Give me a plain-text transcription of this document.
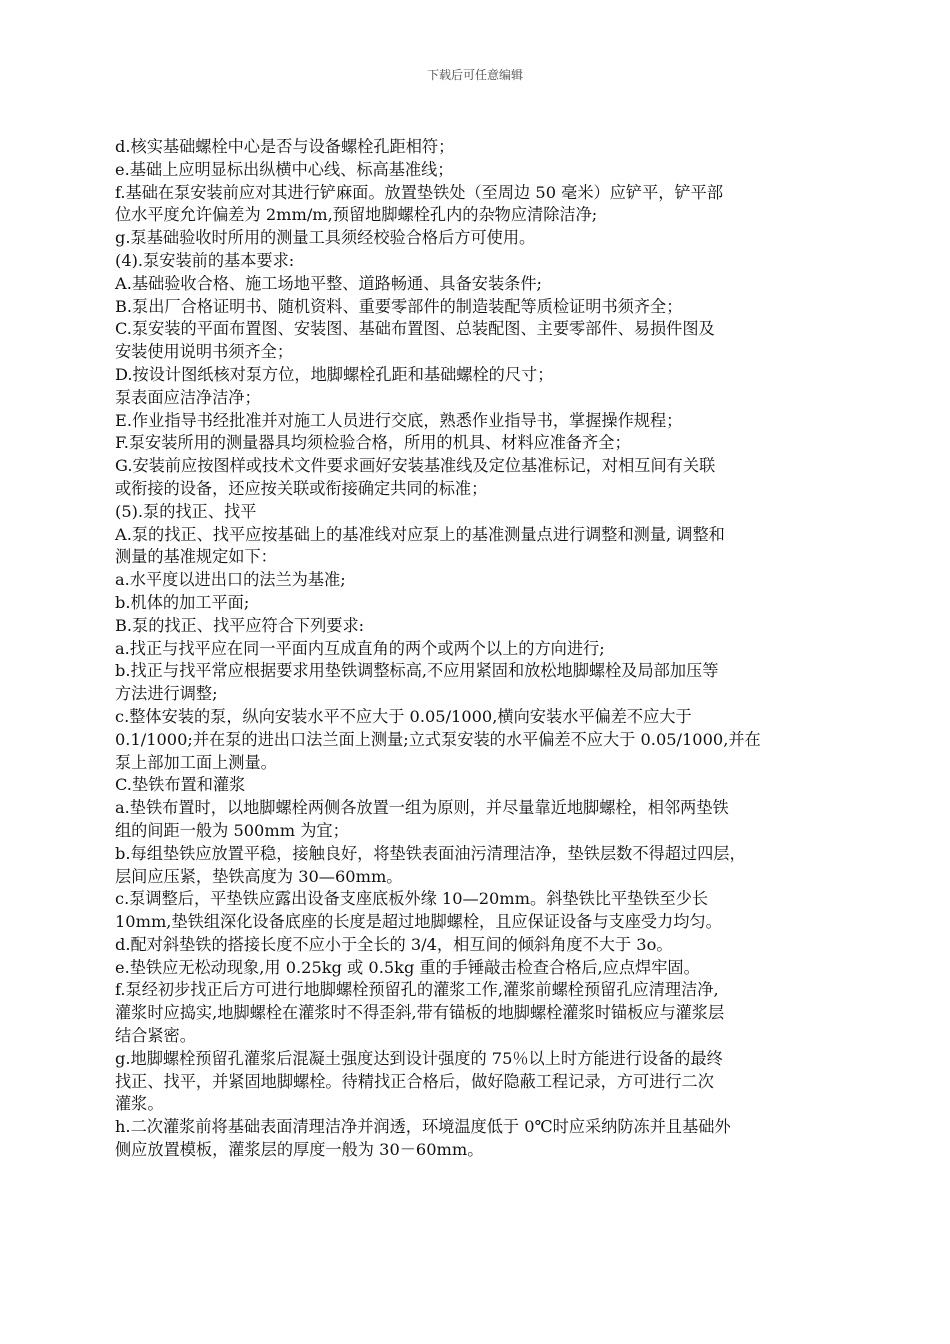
下载后可任意编辑
d.核实基础螺栓中心是否与设备螺栓孔距相符；
e.基础上应明显标出纵横中心线、标高基准线；
f.基础在泵安装前应对其进行铲麻面。放置垫铁处（至周边 50 毫米）应铲平，铲平部
位水平度允许偏差为 2mm/m,预留地脚螺栓孔内的杂物应清除洁净;
g.泵基础验收时所用的测量工具须经校验合格后方可使用。
(4).泵安装前的基本要求:
A.基础验收合格、施工场地平整、道路畅通、具备安装条件;
B.泵出厂合格证明书、随机资料、重要零部件的制造装配等质检证明书须齐全；
C.泵安装的平面布置图、安装图、基础布置图、总装配图、主要零部件、易损件图及
安装使用说明书须齐全；
D.按设计图纸核对泵方位，地脚螺栓孔距和基础螺栓的尺寸；
泵表面应洁净洁净；
E.作业指导书经批准并对施工人员进行交底，熟悉作业指导书，掌握操作规程；
F.泵安装所用的测量器具均须检验合格，所用的机具、材料应准备齐全；
G.安装前应按图样或技术文件要求画好安装基准线及定位基准标记，对相互间有关联
或衔接的设备，还应按关联或衔接确定共同的标准；
(5).泵的找正、找平
A.泵的找正、找平应按基础上的基准线对应泵上的基准测量点进行调整和测量, 调整和
测量的基准规定如下：
a.水平度以进出口的法兰为基准;
b.机体的加工平面;
B.泵的找正、找平应符合下列要求:
a.找正与找平应在同一平面内互成直角的两个或两个以上的方向进行;
b.找正与找平常应根据要求用垫铁调整标高,不应用紧固和放松地脚螺栓及局部加压等
方法进行调整;
c.整体安装的泵，纵向安装水平不应大于 0.05/1000,横向安装水平偏差不应大于
0.1/1000;并在泵的进出口法兰面上测量;立式泵安装的水平偏差不应大于 0.05/1000,并在
泵上部加工面上测量。
C.垫铁布置和灌浆
a.垫铁布置时，以地脚螺栓两侧各放置一组为原则，并尽量靠近地脚螺栓，相邻两垫铁
组的间距一般为 500mm 为宜；
b.每组垫铁应放置平稳，接触良好，将垫铁表面油污清理洁净，垫铁层数不得超过四层，
层间应压紧，垫铁高度为 30—60mm。
c.泵调整后，平垫铁应露出设备支座底板外缘 10—20mm。斜垫铁比平垫铁至少长
10mm,垫铁组深化设备底座的长度是超过地脚螺栓，且应保证设备与支座受力均匀。
d.配对斜垫铁的搭接长度不应小于全长的 3/4，相互间的倾斜角度不大于 3o。
e.垫铁应无松动现象,用 0.25kg 或 0.5kg 重的手锤敲击检查合格后,应点焊牢固。
f.泵经初步找正后方可进行地脚螺栓预留孔的灌浆工作,灌浆前螺栓预留孔应清理洁净,
灌浆时应捣实,地脚螺栓在灌浆时不得歪斜,带有锚板的地脚螺栓灌浆时锚板应与灌浆层
结合紧密。
g.地脚螺栓预留孔灌浆后混凝土强度达到设计强度的 75％以上时方能进行设备的最终
找正、找平，并紧固地脚螺栓。待精找正合格后，做好隐蔽工程记录，方可进行二次
灌浆。
h.二次灌浆前将基础表面清理洁净并润透，环境温度低于 0℃时应采纳防冻并且基础外
侧应放置模板，灌浆层的厚度一般为 30－60mm。
